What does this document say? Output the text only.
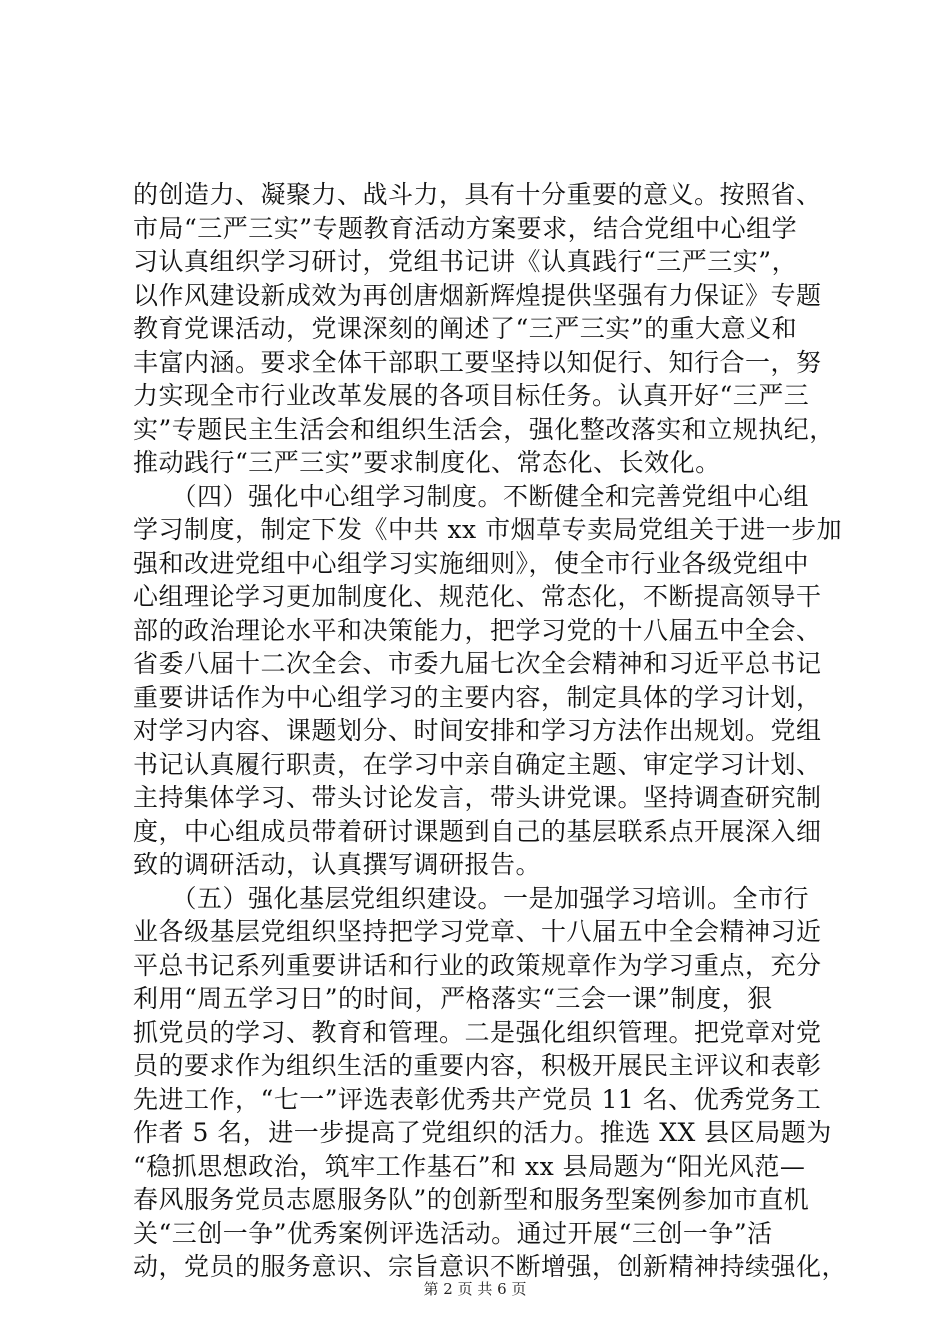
的创造力、凝聚力、战斗力，具有十分重要的意义。按照省、
市局“三严三实”专题教育活动方案要求，结合党组中心组学
习认真组织学习研讨，党组书记讲《认真践行“三严三实”，
以作风建设新成效为再创唐烟新辉煌提供坚强有力保证》专题
教育党课活动，党课深刻的阐述了“三严三实”的重大意义和
丰富内涵。要求全体干部职工要坚持以知促行、知行合一，努
力实现全市行业改革发展的各项目标任务。认真开好“三严三
实”专题民主生活会和组织生活会，强化整改落实和立规执纪，
推动践行“三严三实”要求制度化、常态化、长效化。
　　（四）强化中心组学习制度。不断健全和完善党组中心组
学习制度，制定下发《中共 xx 市烟草专卖局党组关于进一步加
强和改进党组中心组学习实施细则》，使全市行业各级党组中
心组理论学习更加制度化、规范化、常态化，不断提高领导干
部的政治理论水平和决策能力，把学习党的十八届五中全会、
省委八届十二次全会、市委九届七次全会精神和习近平总书记
重要讲话作为中心组学习的主要内容，制定具体的学习计划，
对学习内容、课题划分、时间安排和学习方法作出规划。党组
书记认真履行职责，在学习中亲自确定主题、审定学习计划、
主持集体学习、带头讨论发言，带头讲党课。坚持调查研究制
度，中心组成员带着研讨课题到自己的基层联系点开展深入细
致的调研活动，认真撰写调研报告。
　　（五）强化基层党组织建设。一是加强学习培训。全市行
业各级基层党组织坚持把学习党章、十八届五中全会精神习近
平总书记系列重要讲话和行业的政策规章作为学习重点，充分
利用“周五学习日”的时间，严格落实“三会一课”制度，狠
抓党员的学习、教育和管理。二是强化组织管理。把党章对党
员的要求作为组织生活的重要内容，积极开展民主评议和表彰
先进工作，“七一”评选表彰优秀共产党员 11 名、优秀党务工
作者 5 名，进一步提高了党组织的活力。推选 XX 县区局题为
“稳抓思想政治，筑牢工作基石”和 xx 县局题为“阳光风范—
春风服务党员志愿服务队”的创新型和服务型案例参加市直机
关“三创一争”优秀案例评选活动。通过开展“三创一争”活
动，党员的服务意识、宗旨意识不断增强，创新精神持续强化，
第 2 页 共 6 页
